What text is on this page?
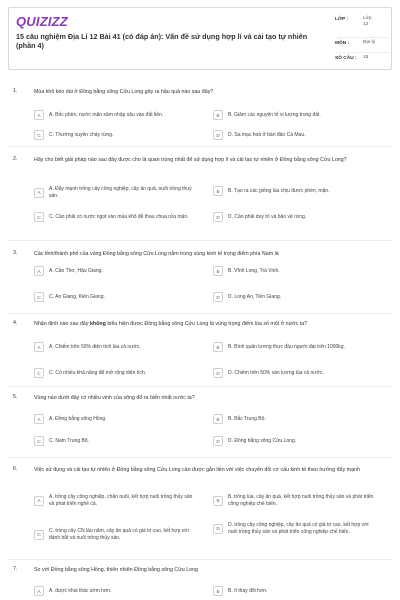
QUIZIZZ
15 câu nghiệm Địa Lí 12 Bài 41 (có đáp án): Vấn đề sử dụng hợp lí và cải tạo tự nhiên (phần 4)
LỚP :	Lớp 12
MÔN :	Địa lý
SỐ CÂU : 15
1.	Mùa khô kéo dài ở Đồng bằng sông Cửu Long gây ra hậu quả nào sau đây?
A	A. Bốc phèn, nước mặn xâm nhập sâu vào đất liền.	B	B. Giảm các nguyên tố vi lượng trong đất.
C	C. Thường xuyên cháy rừng.	D	D. Sa mạc hoá ở bán đảo Cà Mau.
2.	Hãy cho biết giải pháp nào sau đây được cho là quan trọng nhất để sử dụng hợp lí và cải tạo tự nhiên ở Đồng bằng sông Cửu Long?
A
A. Đẩy mạnh trồng cây công nghiệp, cây ăn quả, nuôi trồng thuỷ sản.
B	B. Tạo ra các giống lúa chịu được phèn, mặn.
C	C. Cần phải có nước ngọt vào mùa khô để thau chua rửa mặn.	D	D. Cần phải duy trì và bảo vệ rừng.
3.	Các tỉnh/thành phố của vùng Đồng bằng sông Cửu Long nằm trong vùng kinh tế trọng điểm phía Nam là
A	A. Cần Thơ, Hậu Giang.	B	B. Vĩnh Long, Trà Vinh.
C	C. An Giang, Kiên Giang.	D	D. Long An, Tiền Giang.
4.	Nhận định nào sau đây không biểu hiện được Đồng bằng sông Cửu Long là vùng trọng điểm lúa số một ở nước ta?
A	A. Chiếm trên 50% diện tích lúa cả nước.	B	B. Bình quân lương thực đầu người đạt trên 1000kg.
C	C. Có nhiều khả năng để mở rộng diện tích.	D	D. Chiếm trên 50% sản lượng lúa cả nước.
5.	Vùng nào dưới đây có nhiều vinh của sông đổ ra biển nhất nước ta?
A	A. Đồng bằng sông Hồng.	B	B. Bắc Trung Bộ.
C	C. Nam Trung Bộ.	D	D. Đồng bằng sông Cửu Long.
6.	Việc sử dụng và cải tạo tự nhiên ở Đồng bằng sông Cửu Long cần được gắn liền với việc chuyển đổi cơ cấu kinh tế theo hướng đẩy mạnh
A
A. trồng cây công nghiệp, chăn nuôi, kết hợp nuôi trồng thủy sản và phát triển nghề cá.	B
B. trồng lúa, cây ăn quả, kết hợp nuôi trồng thủy sản và phát triển công nghiệp chế biến.
C
C. trồng cây CN lâu năm, cây ăn quả có giá trị cao, kết hợp với đánh bắt và nuôi trồng thủy sản.
D
D. trồng cây công nghiệp, cây ăn quả có giá trị cao, kết hợp với nuôi trồng thủy sản và phát triển công nghiệp chế biến.
7.	So với Đồng bằng sông Hồng, thiên nhiên Đồng bằng sông Cửu Long
A	A. được khai thác sớm hơn.	B	B. ít thay đổi hơn.
